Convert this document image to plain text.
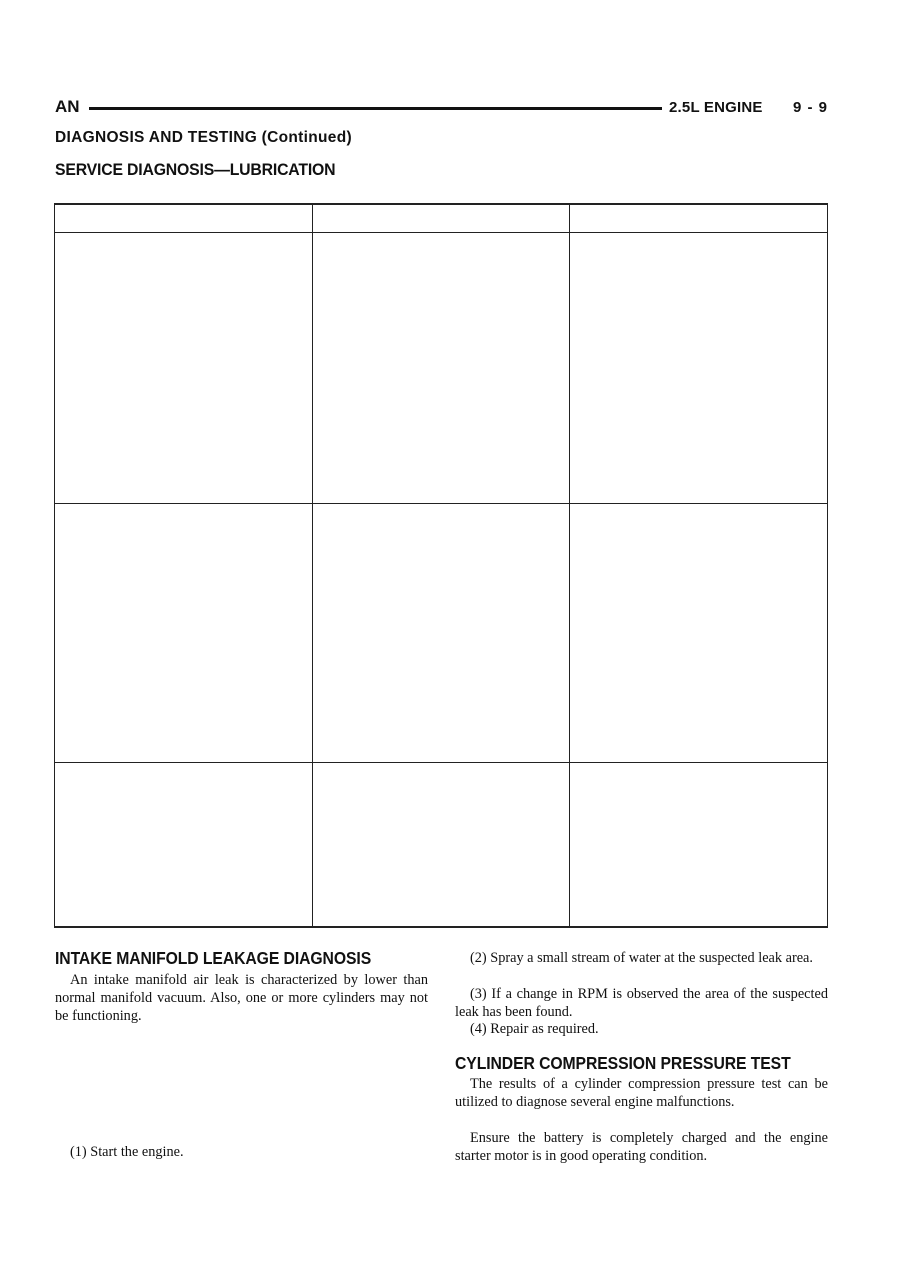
AN	2.5L ENGINE 9 - 9
DIAGNOSIS AND TESTING (Continued)
SERVICE DIAGNOSIS—LUBRICATION

INTAKE MANIFOLD LEAKAGE DIAGNOSIS

An intake manifold air leak is characterized by lower than normal manifold vacuum. Also, one or more cylinders may not be functioning.

(1) Start the engine.

(2) Spray a small stream of water at the suspected leak area.

(3) If a change in RPM is observed the area of the suspected leak has been found.

(4) Repair as required.

CYLINDER COMPRESSION PRESSURE TEST

The results of a cylinder compression pressure test can be utilized to diagnose several engine malfunctions.

Ensure the battery is completely charged and the engine starter motor is in good operating condition.
